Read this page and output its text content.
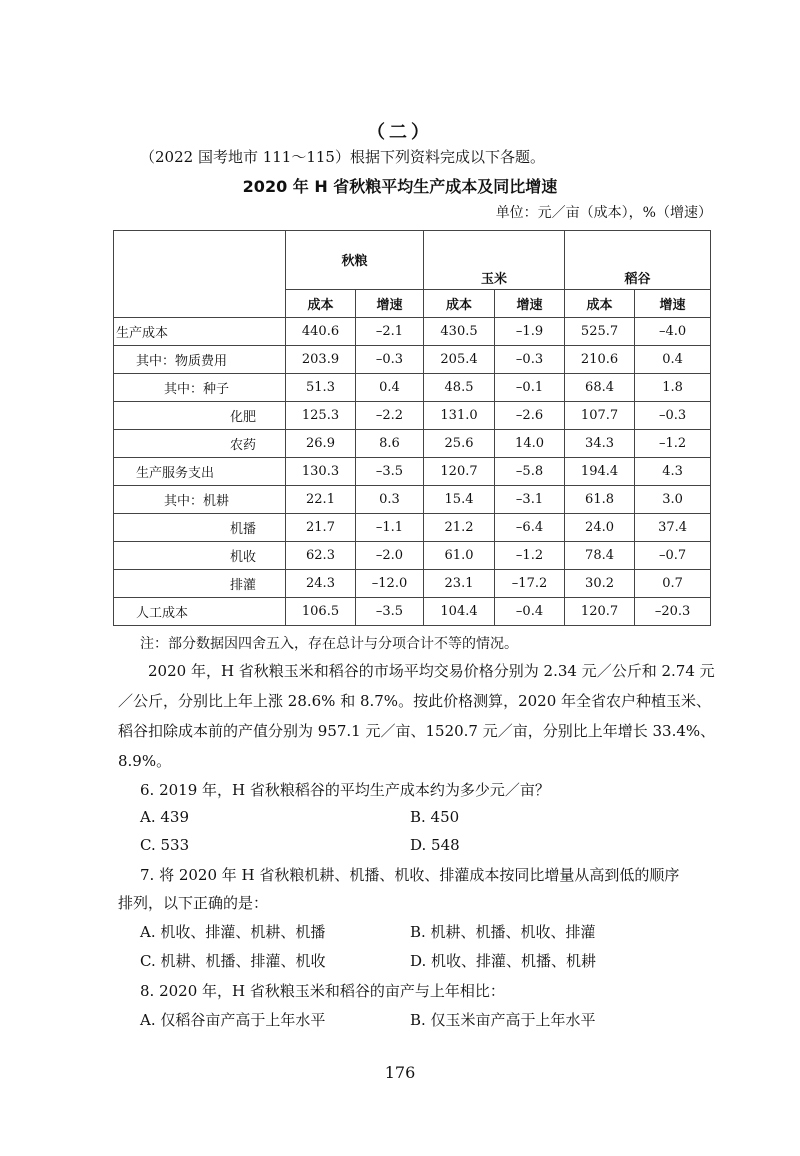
（二）
（2022 国考地市 111～115）根据下列资料完成以下各题。
2020 年 H 省秋粮平均生产成本及同比增速
单位：元／亩（成本），%（增速）
	秋粮		玉米		稻谷	
	成本	增速	成本	增速	成本	增速
生产成本	440.6	–2.1	430.5	–1.9	525.7	–4.0
其中：物质费用	203.9	–0.3	205.4	–0.3	210.6	0.4
其中：种子	51.3	0.4	48.5	–0.1	68.4	1.8
化肥	125.3	–2.2	131.0	–2.6	107.7	–0.3
农药	26.9	8.6	25.6	14.0	34.3	–1.2
生产服务支出	130.3	–3.5	120.7	–5.8	194.4	4.3
其中：机耕	22.1	0.3	15.4	–3.1	61.8	3.0
机播	21.7	–1.1	21.2	–6.4	24.0	37.4
机收	62.3	–2.0	61.0	–1.2	78.4	–0.7
排灌	24.3	–12.0	23.1	–17.2	30.2	0.7
人工成本	106.5	–3.5	104.4	–0.4	120.7	–20.3
注：部分数据因四舍五入，存在总计与分项合计不等的情况。
2020 年，H 省秋粮玉米和稻谷的市场平均交易价格分别为 2.34 元／公斤和 2.74 元／公斤，分别比上年上涨 28.6% 和 8.7%。按此价格测算，2020 年全省农户种植玉米、稻谷扣除成本前的产值分别为 957.1 元／亩、1520.7 元／亩，分别比上年增长 33.4%、8.9%。
6. 2019 年，H 省秋粮稻谷的平均生产成本约为多少元／亩？
A. 439	B. 450
C. 533	D. 548
7. 将 2020 年 H 省秋粮机耕、机播、机收、排灌成本按同比增量从高到低的顺序
排列，以下正确的是：
A. 机收、排灌、机耕、机播	B. 机耕、机播、机收、排灌
C. 机耕、机播、排灌、机收	D. 机收、排灌、机播、机耕
8. 2020 年，H 省秋粮玉米和稻谷的亩产与上年相比：
A. 仅稻谷亩产高于上年水平	B. 仅玉米亩产高于上年水平
176
